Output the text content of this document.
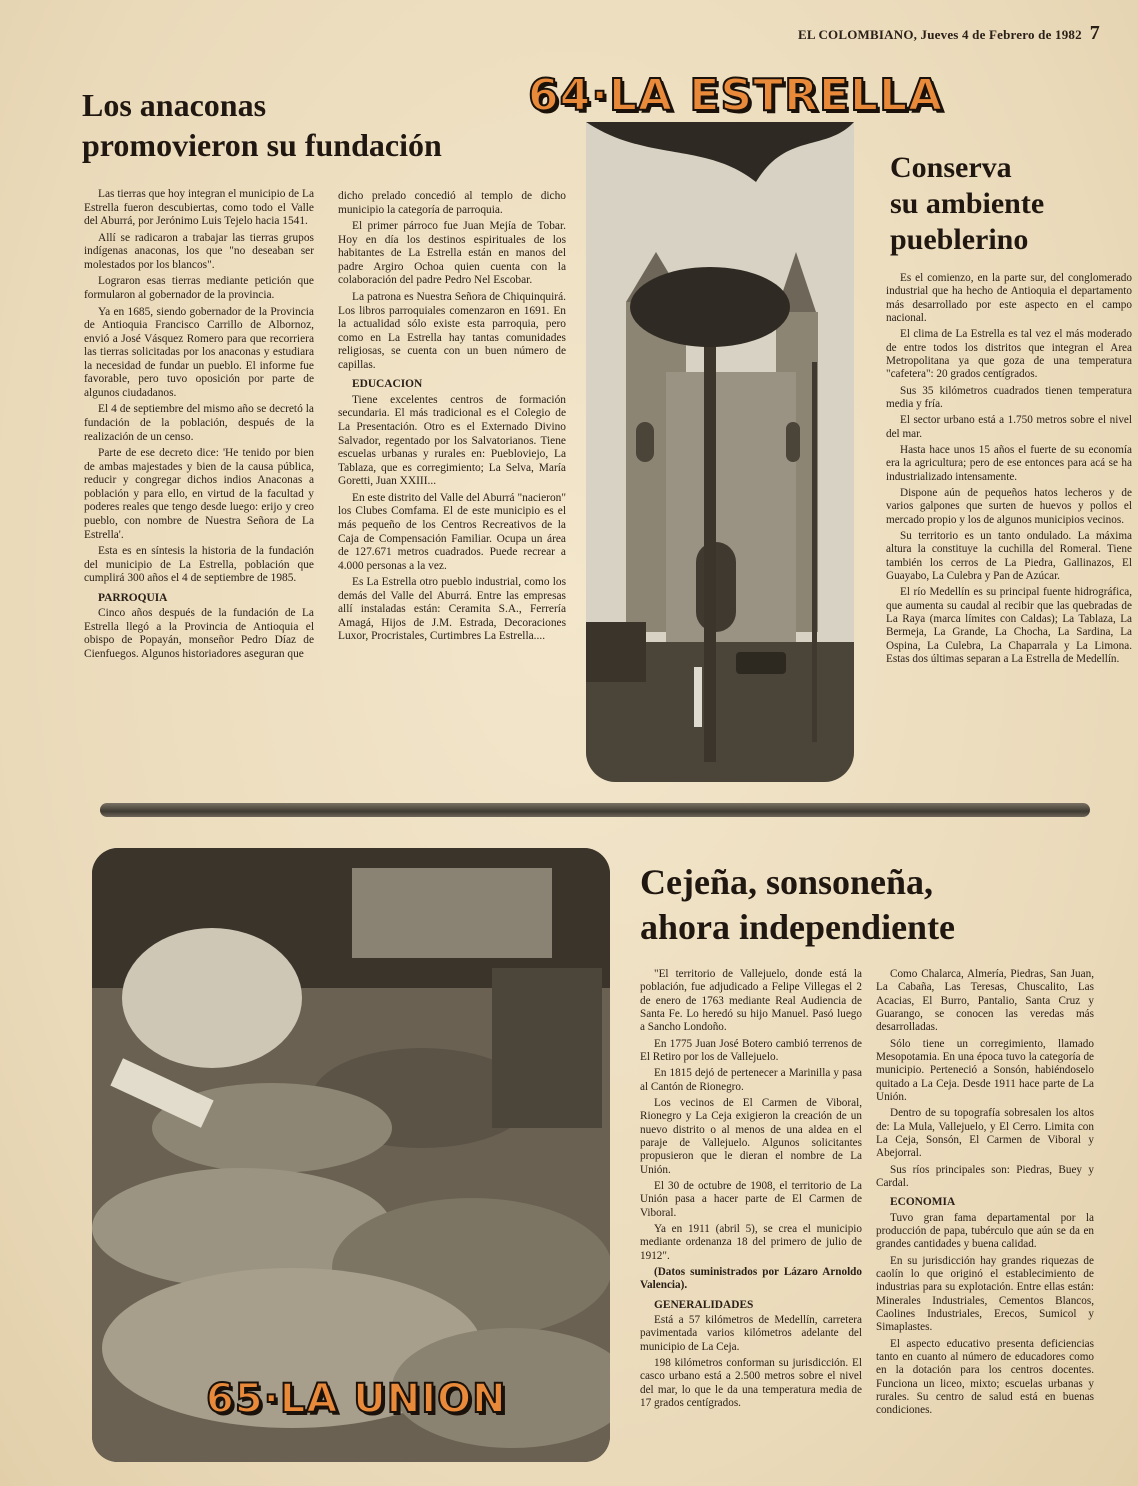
EL COLOMBIANO, Jueves 4 de Febrero de 1982 7
Los anaconas
promovieron su fundación
64·LA ESTRELLA

Las tierras que hoy integran el municipio de La Estrella fueron descubiertas, como todo el Valle del Aburrá, por Jerónimo Luis Tejelo hacia 1541.

Allí se radicaron a trabajar las tierras grupos indígenas anaconas, los que "no deseaban ser molestados por los blancos".

Lograron esas tierras mediante petición que formularon al gobernador de la provincia.

Ya en 1685, siendo gobernador de la Provincia de Antioquia Francisco Carrillo de Albornoz, envió a José Vásquez Romero para que recorriera las tierras solicitadas por los anaconas y estudiara la necesidad de fundar un pueblo. El informe fue favorable, pero tuvo oposición por parte de algunos ciudadanos.

El 4 de septiembre del mismo año se decretó la fundación de la población, después de la realización de un censo.

Parte de ese decreto dice: 'He tenido por bien de ambas majestades y bien de la causa pública, reducir y congregar dichos indios Anaconas a población y para ello, en virtud de la facultad y poderes reales que tengo desde luego: erijo y creo pueblo, con nombre de Nuestra Señora de La Estrella'.

Esta es en síntesis la historia de la fundación del municipio de La Estrella, población que cumplirá 300 años el 4 de septiembre de 1985.

PARROQUIA

Cinco años después de la fundación de La Estrella llegó a la Provincia de Antioquia el obispo de Popayán, monseñor Pedro Díaz de Cienfuegos. Algunos historiadores aseguran que

dicho prelado concedió al templo de dicho municipio la categoría de parroquia.

El primer párroco fue Juan Mejía de Tobar. Hoy en día los destinos espirituales de los habitantes de La Estrella están en manos del padre Argiro Ochoa quien cuenta con la colaboración del padre Pedro Nel Escobar.

La patrona es Nuestra Señora de Chiquinquirá. Los libros parroquiales comenzaron en 1691. En la actualidad sólo existe esta parroquia, pero como en La Estrella hay tantas comunidades religiosas, se cuenta con un buen número de capillas.

EDUCACION

Tiene excelentes centros de formación secundaria. El más tradicional es el Colegio de La Presentación. Otro es el Externado Divino Salvador, regentado por los Salvatorianos. Tiene escuelas urbanas y rurales en: Puebloviejo, La Tablaza, que es corregimiento; La Selva, María Goretti, Juan XXIII...

En este distrito del Valle del Aburrá "nacieron" los Clubes Comfama. El de este municipio es el más pequeño de los Centros Recreativos de la Caja de Compensación Familiar. Ocupa un área de 127.671 metros cuadrados. Puede recrear a 4.000 personas a la vez.

Es La Estrella otro pueblo industrial, como los demás del Valle del Aburrá. Entre las empresas allí instaladas están: Ceramita S.A., Ferrería Amagá, Hijos de J.M. Estrada, Decoraciones Luxor, Procristales, Curtimbres La Estrella....

Conserva
su ambiente
pueblerino

Es el comienzo, en la parte sur, del conglomerado industrial que ha hecho de Antioquia el departamento más desarrollado por este aspecto en el campo nacional.

El clima de La Estrella es tal vez el más moderado de entre todos los distritos que integran el Area Metropolitana ya que goza de una temperatura "cafetera": 20 grados centígrados.

Sus 35 kilómetros cuadrados tienen temperatura media y fría.

El sector urbano está a 1.750 metros sobre el nivel del mar.

Hasta hace unos 15 años el fuerte de su economía era la agricultura; pero de ese entonces para acá se ha industrializado intensamente.

Dispone aún de pequeños hatos lecheros y de varios galpones que surten de huevos y pollos el mercado propio y los de algunos municipios vecinos.

Su territorio es un tanto ondulado. La máxima altura la constituye la cuchilla del Romeral. Tiene también los cerros de La Piedra, Gallinazos, El Guayabo, La Culebra y Pan de Azúcar.

El río Medellín es su principal fuente hidrográfica, que aumenta su caudal al recibir que las quebradas de La Raya (marca límites con Caldas); La Tablaza, La Bermeja, La Grande, La Chocha, La Sardina, La Ospina, La Culebra, La Chaparrala y La Limona. Estas dos últimas separan a La Estrella de Medellín.

65·LA UNION
Cejeña, sonsoneña,
ahora independiente

"El territorio de Vallejuelo, donde está la población, fue adjudicado a Felipe Villegas el 2 de enero de 1763 mediante Real Audiencia de Santa Fe. Lo heredó su hijo Manuel. Pasó luego a Sancho Londoño.

En 1775 Juan José Botero cambió terrenos de El Retiro por los de Vallejuelo.

En 1815 dejó de pertenecer a Marinilla y pasa al Cantón de Rionegro.

Los vecinos de El Carmen de Viboral, Rionegro y La Ceja exigieron la creación de un nuevo distrito o al menos de una aldea en el paraje de Vallejuelo. Algunos solicitantes propusieron que le dieran el nombre de La Unión.

El 30 de octubre de 1908, el territorio de La Unión pasa a hacer parte de El Carmen de Viboral.

Ya en 1911 (abril 5), se crea el municipio mediante ordenanza 18 del primero de julio de 1912".

(Datos suministrados por Lázaro Arnoldo Valencia).

GENERALIDADES

Está a 57 kilómetros de Medellín, carretera pavimentada varios kilómetros adelante del municipio de La Ceja.

198 kilómetros conforman su jurisdicción. El casco urbano está a 2.500 metros sobre el nivel del mar, lo que le da una temperatura media de 17 grados centígrados.

Como Chalarca, Almería, Piedras, San Juan, La Cabaña, Las Teresas, Chuscalito, Las Acacias, El Burro, Pantalio, Santa Cruz y Guarango, se conocen las veredas más desarrolladas.

Sólo tiene un corregimiento, llamado Mesopotamia. En una época tuvo la categoría de municipio. Perteneció a Sonsón, habiéndoselo quitado a La Ceja. Desde 1911 hace parte de La Unión.

Dentro de su topografía sobresalen los altos de: La Mula, Vallejuelo, y El Cerro. Limita con La Ceja, Sonsón, El Carmen de Viboral y Abejorral.

Sus ríos principales son: Piedras, Buey y Cardal.

ECONOMIA

Tuvo gran fama departamental por la producción de papa, tubérculo que aún se da en grandes cantidades y buena calidad.

En su jurisdicción hay grandes riquezas de caolín lo que originó el establecimiento de industrias para su explotación. Entre ellas están: Minerales Industriales, Cementos Blancos, Caolines Industriales, Erecos, Sumicol y Simaplastes.

El aspecto educativo presenta deficiencias tanto en cuanto al número de educadores como en la dotación para los centros docentes. Funciona un liceo, mixto; escuelas urbanas y rurales. Su centro de salud está en buenas condiciones.
